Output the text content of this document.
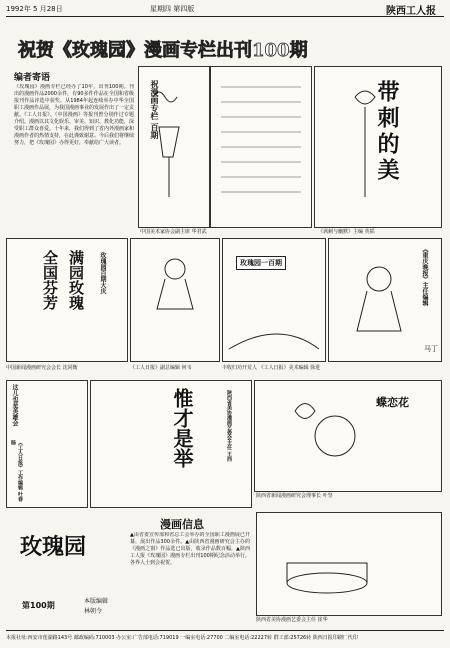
1992年 5 月28日	星期四 第四版	陕西工人报
祝贺《玫瑰园》漫画专栏出刊100期
编者寄语
《玫瑰园》漫画专栏已经办了10年，出刊100期。刊出的漫画作品2000余件，有90多件作品在全国和省级报刊作品评选中获奖。从1984年起连续举办中华全国职工漫画作品展，为我国漫画事业的发展作出了一定贡献。《工人日报》、《中国漫画》等报刊曾分别作过专题介绍。漫画以其文化娱乐、审美、知识、教化功能，深受职工群众喜爱。十年来，我们得到了省内外漫画家和漫画作者的热情支持，在此谨致谢意。今后我们将继续努力，把《玫瑰园》办得更好，奉献给广大读者。
祝漫画专栏 百期
中国美术家协会副主席 华君武
带刺的美
《讽刺与幽默》主编 英韬
满园玫瑰
全国芬芳	玫瑰园百期大庆
中国新闻漫画研究会会长 沈同衡	《工人日报》副总编辑 何韦
玫瑰园一百期
丰收归功开荒人 《工人日报》美术编辑 徐进
《重庆晚报》主任编辑
马丁
这儿也是英雄会
《工人日报》工作编辑 叶春旸	惟才是举	陕西省美协漫画艺委会主任 王西	蝶恋花
陕西省新闻漫画研究会理事长 叶坚
玫瑰园
第100期	本版编辑
林朝令
漫画信息
▲由省委宣传部和省总工会举办的全国职工漫画展已开幕，展出作品300余件。▲由陕西省漫画研究会主办的《漫画之窗》作品选已出版，收录作品数百幅。▲陕西工人报《玫瑰园》漫画专栏出刊100期纪念活动举行，各界人士到会祝贺。
陕西省美协漫画艺委会主任 崔华
本报社址:西安市莲湖路143号 邮政编码:710003 办公室:广告部电话:719019 一编室电话:27700 二编室电话:22227转 群工部:25726转 陕西日报印刷厂代印
